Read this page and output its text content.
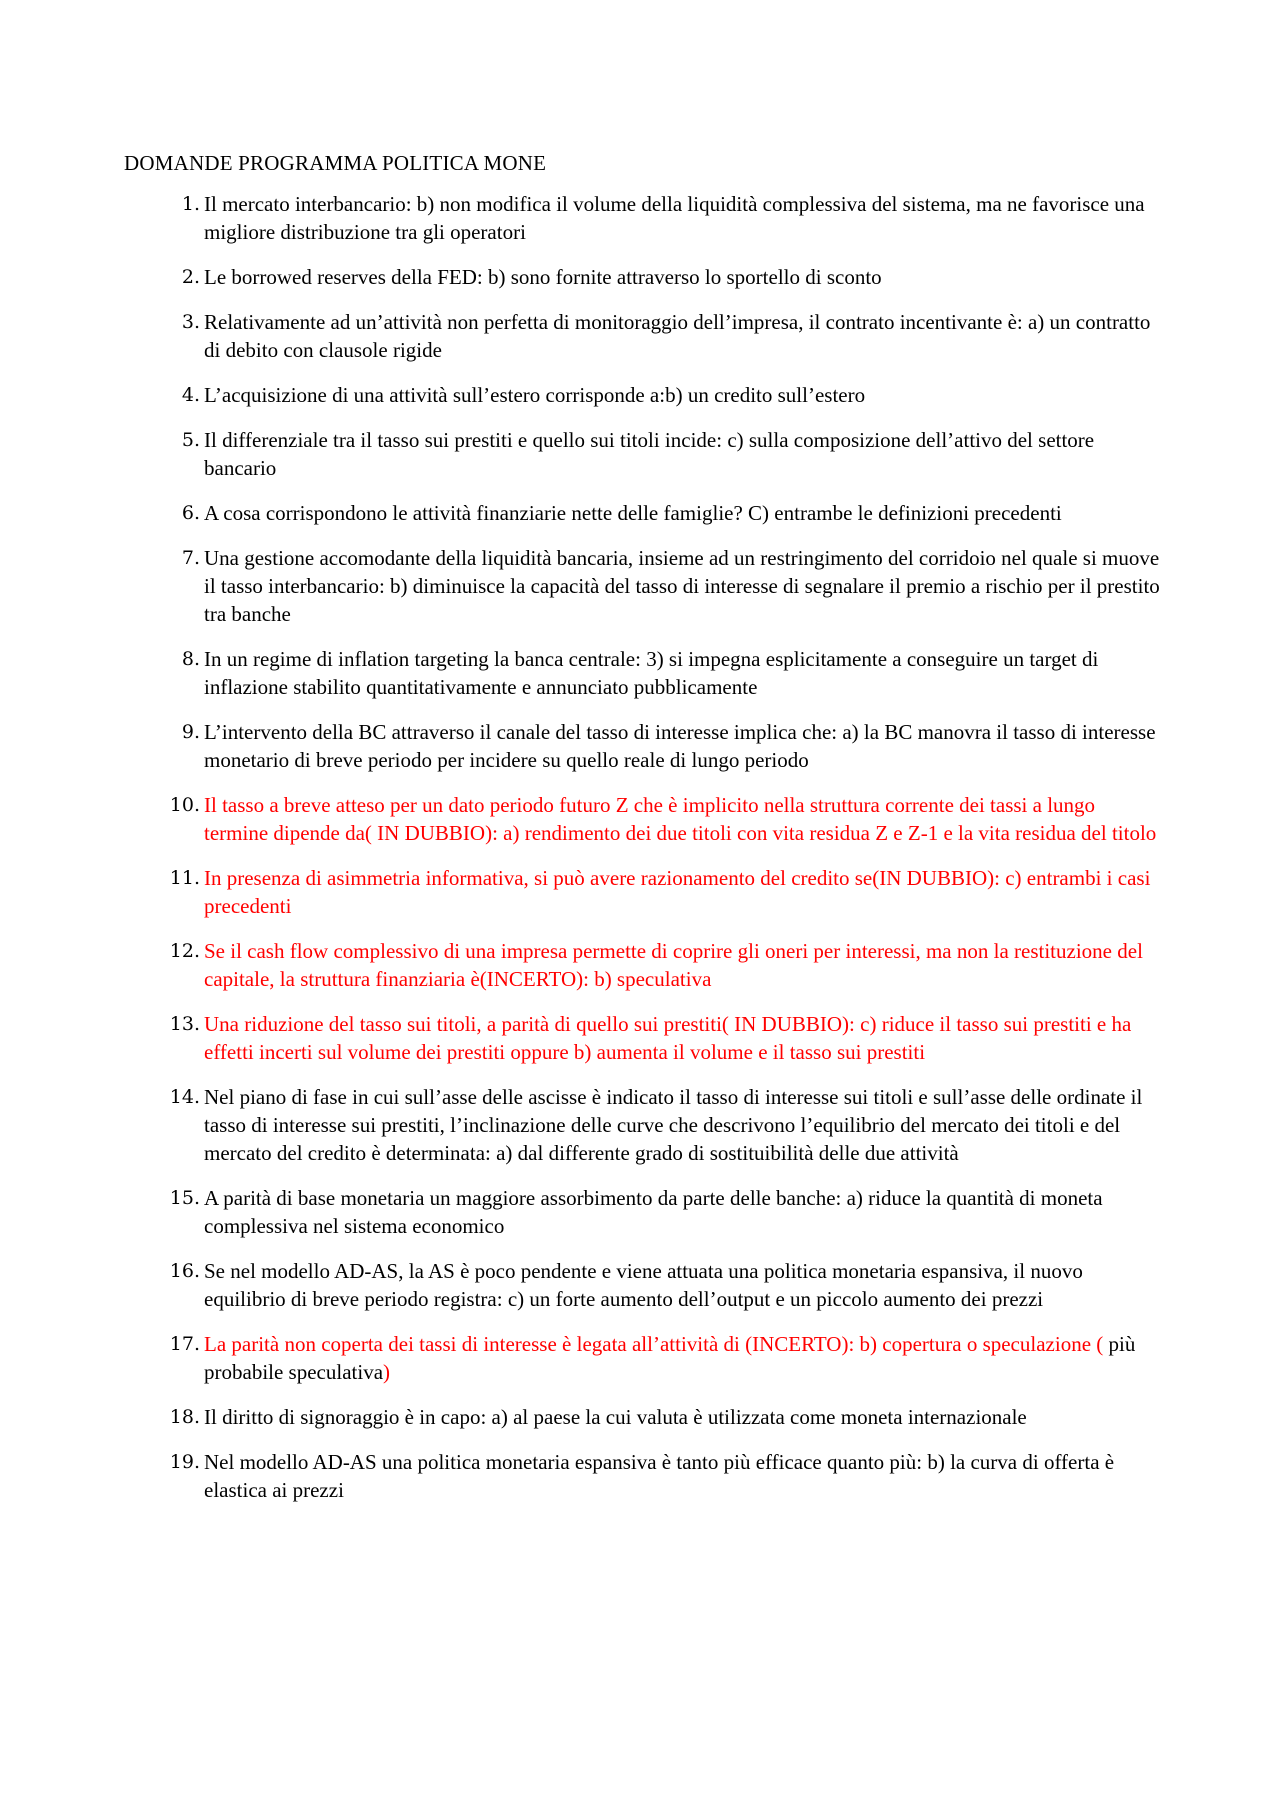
DOMANDE PROGRAMMA POLITICA MONE
1. Il mercato interbancario: b) non modifica il volume della liquidità complessiva del sistema, ma ne favorisce una migliore distribuzione tra gli operatori
2. Le borrowed reserves della FED: b) sono fornite attraverso lo sportello di sconto
3. Relativamente ad un’attività non perfetta di monitoraggio dell’impresa, il contrato incentivante è: a) un contratto di debito con clausole rigide
4. L’acquisizione di una attività sull’estero corrisponde a:b) un credito sull’estero
5. Il differenziale tra il tasso sui prestiti e quello sui titoli incide: c) sulla composizione dell’attivo del settore bancario
6. A cosa corrispondono le attività finanziarie nette delle famiglie? C) entrambe le definizioni precedenti
7. Una gestione accomodante della liquidità bancaria, insieme ad un restringimento del corridoio nel quale si muove il tasso interbancario: b) diminuisce la capacità del tasso di interesse di segnalare il premio a rischio per il prestito tra banche
8. In un regime di inflation targeting la banca centrale: 3) si impegna esplicitamente a conseguire un target di inflazione stabilito quantitativamente e annunciato pubblicamente
9. L’intervento della BC attraverso il canale del tasso di interesse implica che: a) la BC manovra il tasso di interesse monetario di breve periodo per incidere su quello reale di lungo periodo
10. Il tasso a breve atteso per un dato periodo futuro Z che è implicito nella struttura corrente dei tassi a lungo termine dipende da( IN DUBBIO): a) rendimento dei due titoli con vita residua Z e Z-1 e la vita residua del titolo
11. In presenza di asimmetria informativa, si può avere razionamento del credito se(IN DUBBIO): c) entrambi i casi precedenti
12. Se il cash flow complessivo di una impresa permette di coprire gli oneri per interessi, ma non la restituzione del capitale, la struttura finanziaria è(INCERTO): b) speculativa
13. Una riduzione del tasso sui titoli, a parità di quello sui prestiti( IN DUBBIO): c) riduce il tasso sui prestiti e ha effetti incerti sul volume dei prestiti oppure b) aumenta il volume e il tasso sui prestiti
14. Nel piano di fase in cui sull’asse delle ascisse è indicato il tasso di interesse sui titoli e sull’asse delle ordinate il tasso di interesse sui prestiti, l’inclinazione delle curve che descrivono l’equilibrio del mercato dei titoli e del mercato del credito è determinata: a) dal differente grado di sostituibilità delle due attività
15. A parità di base monetaria un maggiore assorbimento da parte delle banche: a) riduce la quantità di moneta complessiva nel sistema economico
16. Se nel modello AD-AS, la AS è poco pendente e viene attuata una politica monetaria espansiva, il nuovo equilibrio di breve periodo registra: c) un forte aumento dell’output e un piccolo aumento dei prezzi
17. La parità non coperta dei tassi di interesse è legata all’attività di (INCERTO): b) copertura o speculazione ( più probabile speculativa)
18. Il diritto di signoraggio è in capo: a) al paese la cui valuta è utilizzata come moneta internazionale
19. Nel modello AD-AS una politica monetaria espansiva è tanto più efficace quanto più: b) la curva di offerta è elastica ai prezzi
